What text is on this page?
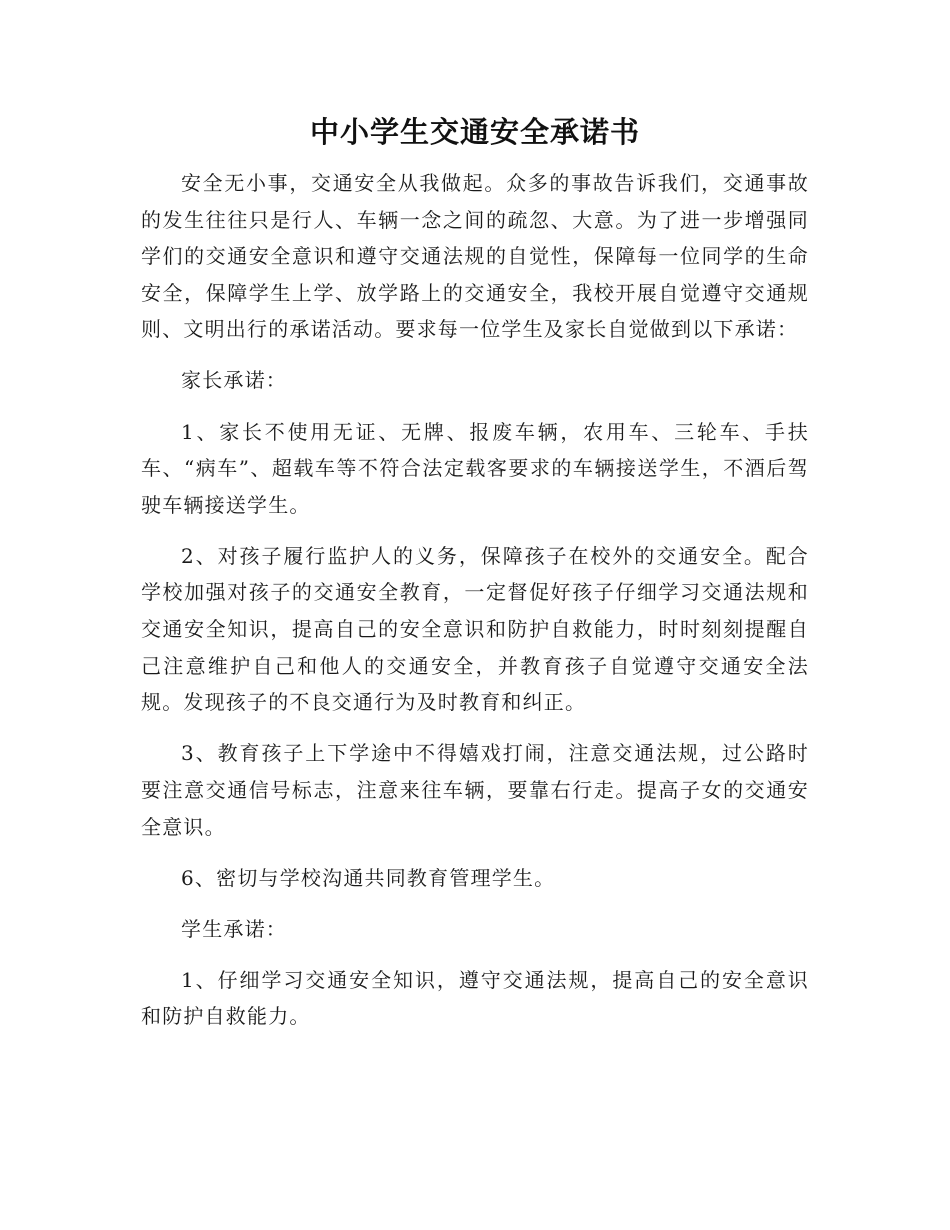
中小学生交通安全承诺书

安全无小事，交通安全从我做起。众多的事故告诉我们，交通事故的发生往往只是行人、车辆一念之间的疏忽、大意。为了进一步增强同学们的交通安全意识和遵守交通法规的自觉性，保障每一位同学的生命安全，保障学生上学、放学路上的交通安全，我校开展自觉遵守交通规则、文明出行的承诺活动。要求每一位学生及家长自觉做到以下承诺：

家长承诺：

1、家长不使用无证、无牌、报废车辆，农用车、三轮车、手扶车、“病车”、超载车等不符合法定载客要求的车辆接送学生，不酒后驾驶车辆接送学生。

2、对孩子履行监护人的义务，保障孩子在校外的交通安全。配合学校加强对孩子的交通安全教育，一定督促好孩子仔细学习交通法规和交通安全知识，提高自己的安全意识和防护自救能力，时时刻刻提醒自己注意维护自己和他人的交通安全，并教育孩子自觉遵守交通安全法规。发现孩子的不良交通行为及时教育和纠正。

3、教育孩子上下学途中不得嬉戏打闹，注意交通法规，过公路时要注意交通信号标志，注意来往车辆，要靠右行走。提高子女的交通安全意识。

6、密切与学校沟通共同教育管理学生。

学生承诺：

1、仔细学习交通安全知识，遵守交通法规，提高自己的安全意识和防护自救能力。
